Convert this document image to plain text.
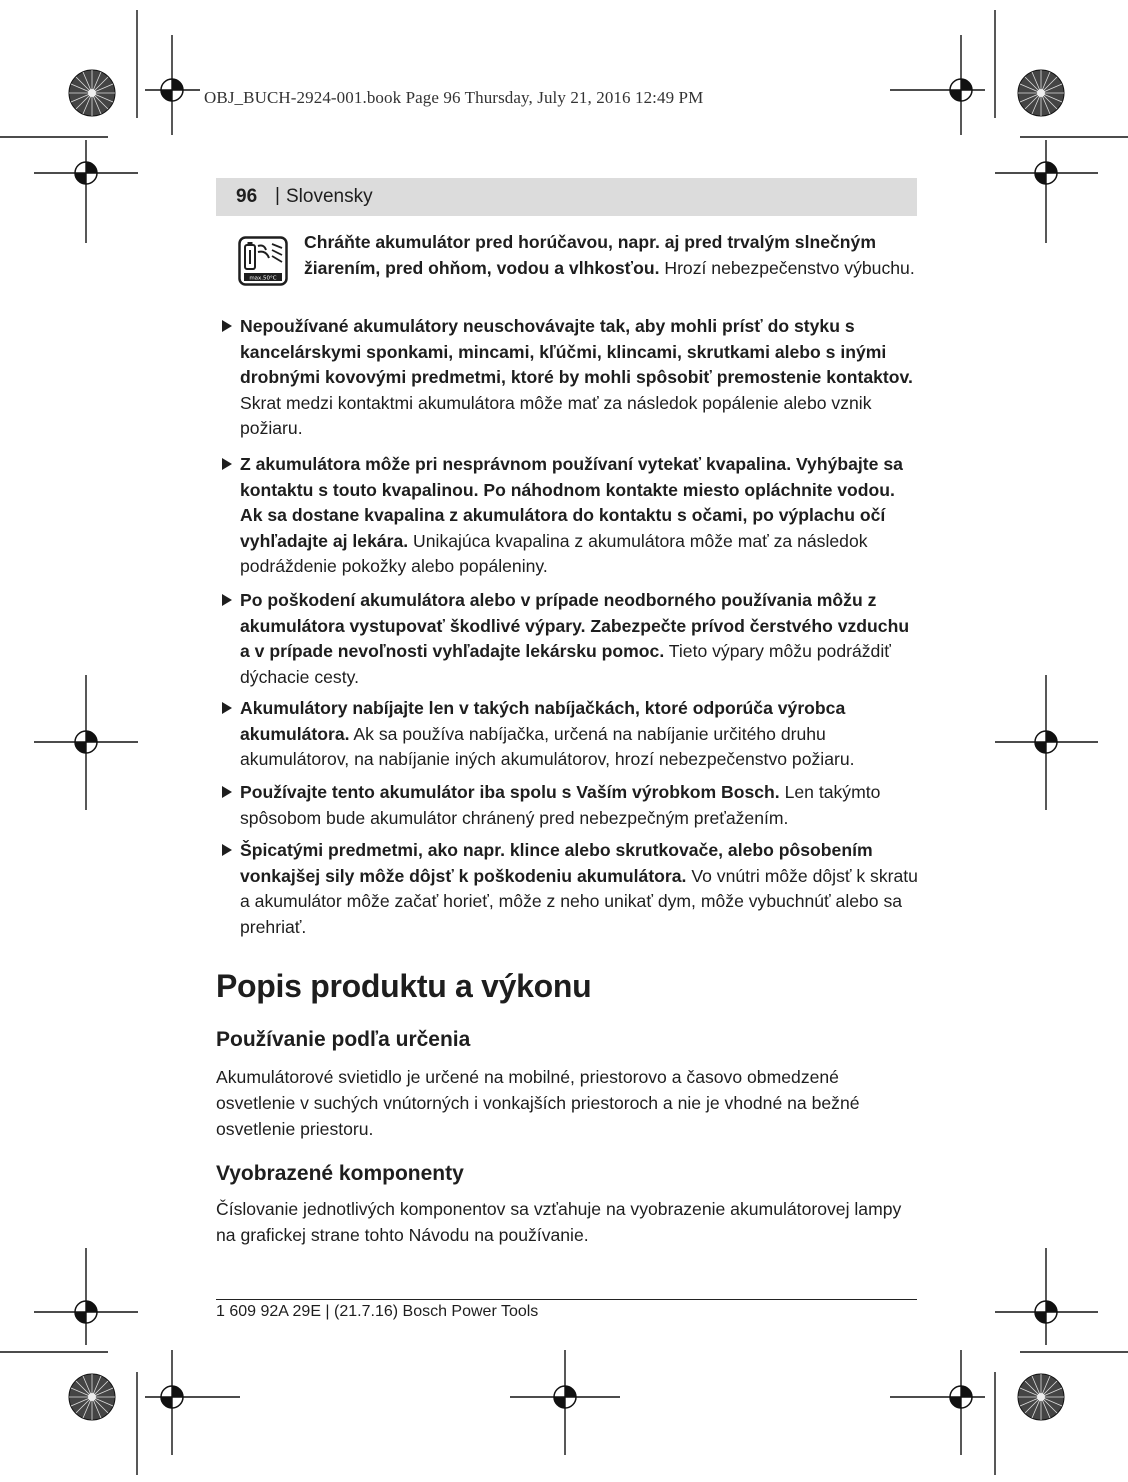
OBJ_BUCH-2924-001.book Page 96 Thursday, July 21, 2016 12:49 PM
96 | Slovensky
max.50°C
Chráňte akumulátor pred horúčavou, napr. aj pred trvalým slnečným žiarením, pred ohňom, vodou a vlhkosťou. Hrozí nebezpečenstvo výbuchu.
Nepoužívané akumulátory neuschovávajte tak, aby mohli prísť do styku s kancelárskymi sponkami, mincami, kľúčmi, klincami, skrutkami alebo s inými drobnými kovovými predmetmi, ktoré by mohli spôsobiť premostenie kontaktov. Skrat medzi kontaktmi akumulátora môže mať za následok popálenie alebo vznik požiaru.
Z akumulátora môže pri nesprávnom používaní vytekať kvapalina. Vyhýbajte sa kontaktu s touto kvapalinou. Po náhodnom kontakte miesto opláchnite vodou. Ak sa dostane kvapalina z akumulátora do kontaktu s očami, po výplachu očí vyhľadajte aj lekára. Unikajúca kvapalina z akumulátora môže mať za následok podráždenie pokožky alebo popáleniny.
Po poškodení akumulátora alebo v prípade neodborného používania môžu z akumulátora vystupovať škodlivé výpary. Zabezpečte prívod čerstvého vzduchu a v prípade nevoľnosti vyhľadajte lekársku pomoc. Tieto výpary môžu podráždiť dýchacie cesty.
Akumulátory nabíjajte len v takých nabíjačkách, ktoré odporúča výrobca akumulátora. Ak sa používa nabíjačka, určená na nabíjanie určitého druhu akumulátorov, na nabíjanie iných akumulátorov, hrozí nebezpečenstvo požiaru.
Používajte tento akumulátor iba spolu s Vaším výrobkom Bosch. Len takýmto spôsobom bude akumulátor chránený pred nebezpečným preťažením.
Špicatými predmetmi, ako napr. klince alebo skrutkovače, alebo pôsobením vonkajšej sily môže dôjsť k poškodeniu akumulátora. Vo vnútri môže dôjsť k skratu a akumulátor môže začať horieť, môže z neho unikať dym, môže vybuchnúť alebo sa prehriať.
Popis produktu a výkonu
Používanie podľa určenia
Akumulátorové svietidlo je určené na mobilné, priestorovo a časovo obmedzené osvetlenie v suchých vnútorných i vonkajších priestoroch a nie je vhodné na bežné osvetlenie priestoru.
Vyobrazené komponenty
Číslovanie jednotlivých komponentov sa vzťahuje na vyobrazenie akumulátorovej lampy na grafickej strane tohto Návodu na používanie.
1 609 92A 29E | (21.7.16) Bosch Power Tools
